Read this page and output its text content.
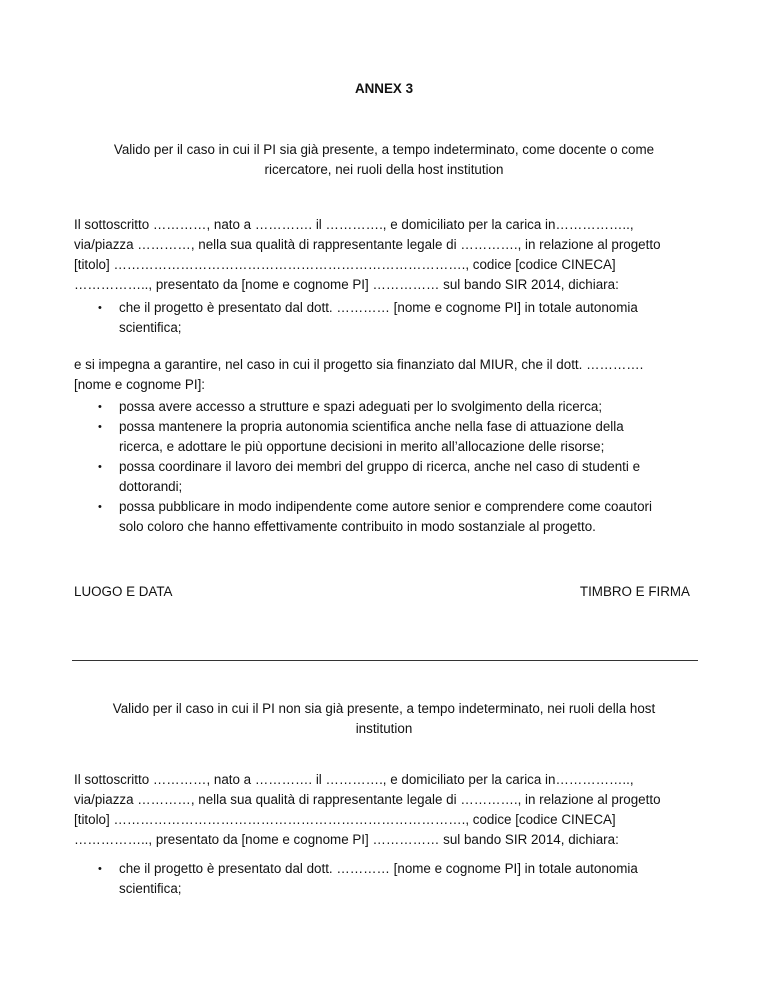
ANNEX 3
Valido per il caso in cui il PI sia già presente, a tempo indeterminato, come docente o come
ricercatore, nei ruoli della host institution
Il sottoscritto …………, nato a …………. il …………., e domiciliato per la carica in……………..,
via/piazza …………, nella sua qualità di rappresentante legale di …………., in relazione al progetto
[titolo] ……………………………………………………………………., codice [codice CINECA]
…………….., presentato da [nome e cognome PI] …………… sul bando SIR 2014, dichiara:
• che il progetto è presentato dal dott. ………… [nome e cognome PI] in totale autonomia
scientifica;
e si impegna a garantire, nel caso in cui il progetto sia finanziato dal MIUR, che il dott. ………….
[nome e cognome PI]:
• possa avere accesso a strutture e spazi adeguati per lo svolgimento della ricerca;
• possa mantenere la propria autonomia scientifica anche nella fase di attuazione della
ricerca, e adottare le più opportune decisioni in merito all’allocazione delle risorse;
• possa coordinare il lavoro dei membri del gruppo di ricerca, anche nel caso di studenti e
dottorandi;
• possa pubblicare in modo indipendente come autore senior e comprendere come coautori
solo coloro che hanno effettivamente contribuito in modo sostanziale al progetto.
LUOGO E DATA	TIMBRO E FIRMA
Valido per il caso in cui il PI non sia già presente, a tempo indeterminato, nei ruoli della host
institution
Il sottoscritto …………, nato a …………. il …………., e domiciliato per la carica in……………..,
via/piazza …………, nella sua qualità di rappresentante legale di …………., in relazione al progetto
[titolo] ……………………………………………………………………., codice [codice CINECA]
…………….., presentato da [nome e cognome PI] …………… sul bando SIR 2014, dichiara:
• che il progetto è presentato dal dott. ………… [nome e cognome PI] in totale autonomia
scientifica;
